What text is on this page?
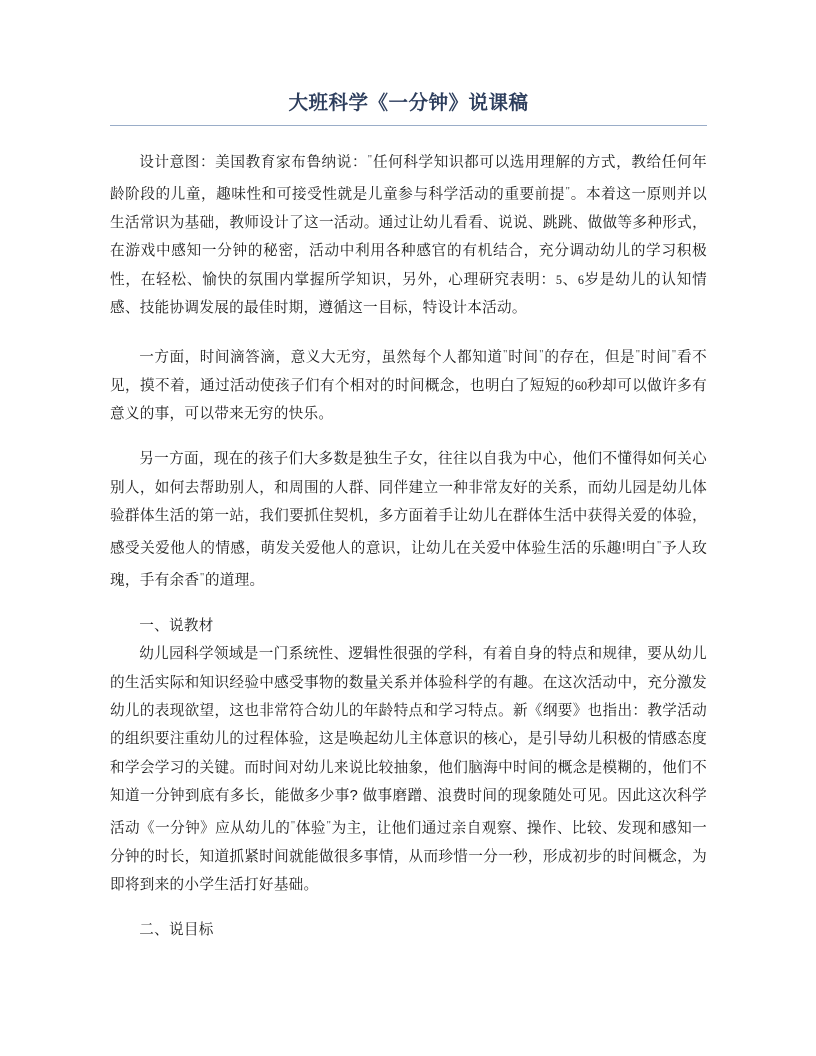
大班科学《一分钟》说课稿

设计意图：美国教育家布鲁纳说："任何科学知识都可以选用理解的方式，教给任何年龄阶段的儿童，趣味性和可接受性就是儿童参与科学活动的重要前提"。本着这一原则并以生活常识为基础，教师设计了这一活动。通过让幼儿看看、说说、跳跳、做做等多种形式，在游戏中感知一分钟的秘密，活动中利用各种感官的有机结合，充分调动幼儿的学习积极性，在轻松、愉快的氛围内掌握所学知识，另外，心理研究表明：5、6岁是幼儿的认知情感、技能协调发展的最佳时期，遵循这一目标，特设计本活动。

一方面，时间滴答滴，意义大无穷，虽然每个人都知道"时间"的存在，但是"时间"看不见，摸不着，通过活动使孩子们有个相对的时间概念，也明白了短短的60秒却可以做许多有意义的事，可以带来无穷的快乐。

另一方面，现在的孩子们大多数是独生子女，往往以自我为中心，他们不懂得如何关心别人，如何去帮助别人，和周围的人群、同伴建立一种非常友好的关系，而幼儿园是幼儿体验群体生活的第一站，我们要抓住契机，多方面着手让幼儿在群体生活中获得关爱的体验，感受关爱他人的情感，萌发关爱他人的意识，让幼儿在关爱中体验生活的乐趣!明白"予人玫瑰，手有余香"的道理。

一、说教材

幼儿园科学领域是一门系统性、逻辑性很强的学科，有着自身的特点和规律，要从幼儿的生活实际和知识经验中感受事物的数量关系并体验科学的有趣。在这次活动中，充分激发幼儿的表现欲望，这也非常符合幼儿的年龄特点和学习特点。新《纲要》也指出：教学活动的组织要注重幼儿的过程体验，这是唤起幼儿主体意识的核心，是引导幼儿积极的情感态度和学会学习的关键。而时间对幼儿来说比较抽象，他们脑海中时间的概念是模糊的，他们不知道一分钟到底有多长，能做多少事? 做事磨蹭、浪费时间的现象随处可见。因此这次科学活动《一分钟》应从幼儿的"体验"为主，让他们通过亲自观察、操作、比较、发现和感知一分钟的时长，知道抓紧时间就能做很多事情，从而珍惜一分一秒，形成初步的时间概念，为即将到来的小学生活打好基础。

二、说目标
